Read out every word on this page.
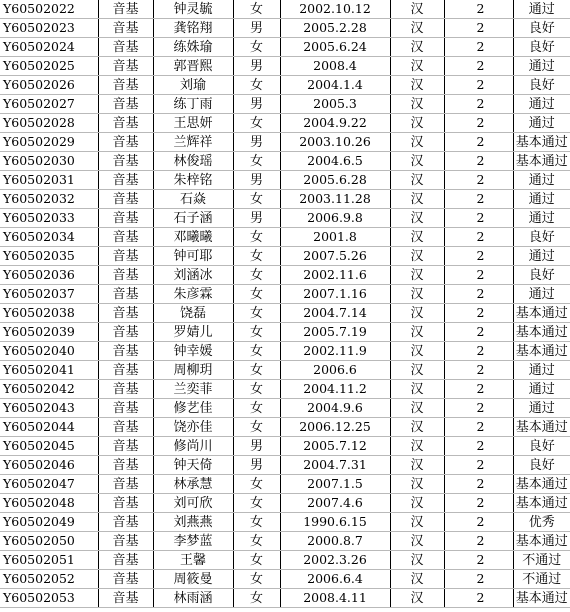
Y60502022	音基	钟灵毓	女	2002.10.12	汉	2	通过
Y60502023	音基	龚铭翔	男	2005.2.28	汉	2	良好
Y60502024	音基	练姝瑜	女	2005.6.24	汉	2	良好
Y60502025	音基	郭晋熙	男	2008.4	汉	2	通过
Y60502026	音基	刘瑜	女	2004.1.4	汉	2	良好
Y60502027	音基	练丁雨	男	2005.3	汉	2	通过
Y60502028	音基	王思妍	女	2004.9.22	汉	2	通过
Y60502029	音基	兰辉祥	男	2003.10.26	汉	2	基本通过
Y60502030	音基	林俊瑶	女	2004.6.5	汉	2	基本通过
Y60502031	音基	朱梓铭	男	2005.6.28	汉	2	通过
Y60502032	音基	石焱	女	2003.11.28	汉	2	通过
Y60502033	音基	石子涵	男	2006.9.8	汉	2	通过
Y60502034	音基	邓曦曦	女	2001.8	汉	2	良好
Y60502035	音基	钟可耶	女	2007.5.26	汉	2	通过
Y60502036	音基	刘涵冰	女	2002.11.6	汉	2	良好
Y60502037	音基	朱彦霖	女	2007.1.16	汉	2	通过
Y60502038	音基	饶磊	女	2004.7.14	汉	2	基本通过
Y60502039	音基	罗婧儿	女	2005.7.19	汉	2	基本通过
Y60502040	音基	钟幸媛	女	2002.11.9	汉	2	基本通过
Y60502041	音基	周柳玥	女	2006.6	汉	2	通过
Y60502042	音基	兰奕菲	女	2004.11.2	汉	2	通过
Y60502043	音基	修艺佳	女	2004.9.6	汉	2	通过
Y60502044	音基	饶亦佳	女	2006.12.25	汉	2	基本通过
Y60502045	音基	修尚川	男	2005.7.12	汉	2	良好
Y60502046	音基	钟天倚	男	2004.7.31	汉	2	良好
Y60502047	音基	林承慧	女	2007.1.5	汉	2	基本通过
Y60502048	音基	刘可欣	女	2007.4.6	汉	2	基本通过
Y60502049	音基	刘燕燕	女	1990.6.15	汉	2	优秀
Y60502050	音基	李梦蓝	女	2000.8.7	汉	2	基本通过
Y60502051	音基	王馨	女	2002.3.26	汉	2	不通过
Y60502052	音基	周筱曼	女	2006.6.4	汉	2	不通过
Y60502053	音基	林雨涵	女	2008.4.11	汉	2	基本通过
